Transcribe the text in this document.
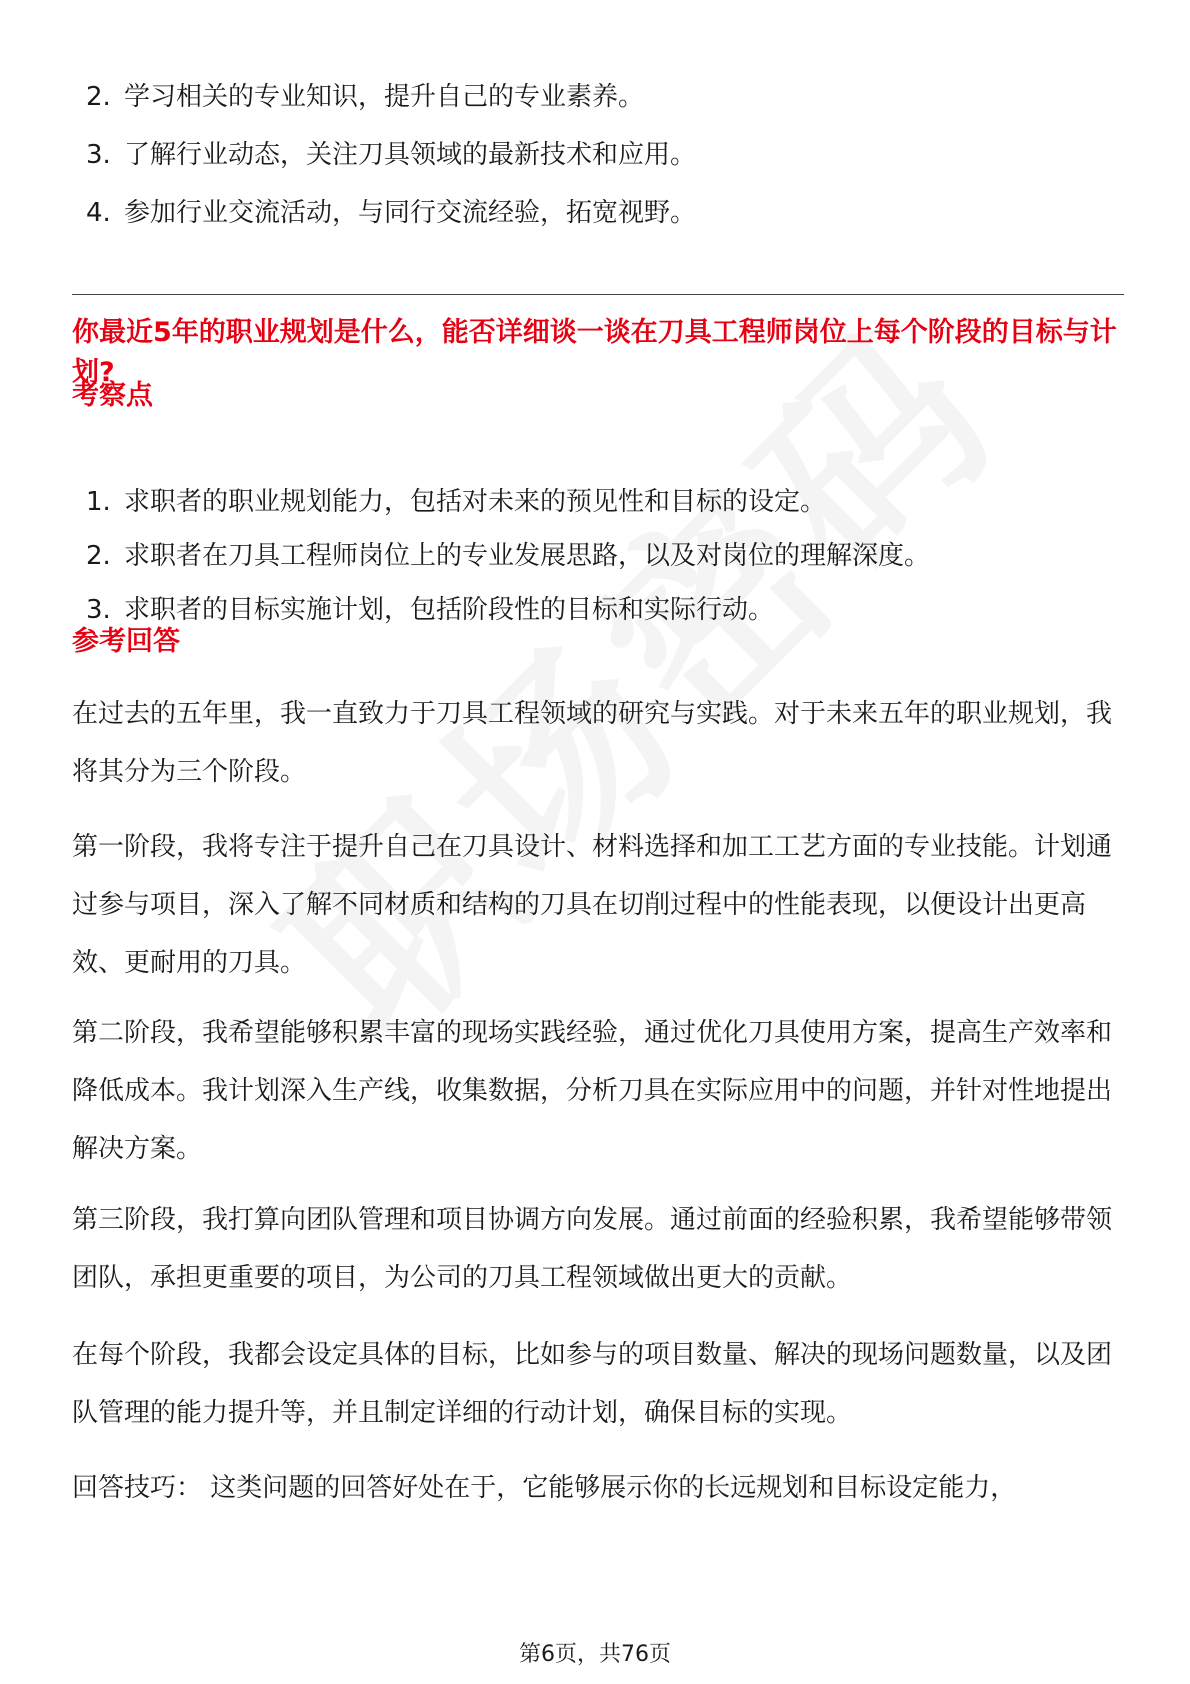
2. 学习相关的专业知识，提升自己的专业素养。
3. 了解行业动态，关注刀具领域的最新技术和应用。
4. 参加行业交流活动，与同行交流经验，拓宽视野。
你最近5年的职业规划是什么，能否详细谈一谈在刀具工程师岗位上每个阶段的目标与计划?
考察点
1. 求职者的职业规划能力，包括对未来的预见性和目标的设定。
2. 求职者在刀具工程师岗位上的专业发展思路，以及对岗位的理解深度。
3. 求职者的目标实施计划，包括阶段性的目标和实际行动。
参考回答

在过去的五年里，我一直致力于刀具工程领域的研究与实践。对于未来五年的职业规划，我将其分为三个阶段。

第一阶段，我将专注于提升自己在刀具设计、材料选择和加工工艺方面的专业技能。计划通过参与项目，深入了解不同材质和结构的刀具在切削过程中的性能表现，以便设计出更高效、更耐用的刀具。

第二阶段，我希望能够积累丰富的现场实践经验，通过优化刀具使用方案，提高生产效率和降低成本。我计划深入生产线，收集数据，分析刀具在实际应用中的问题，并针对性地提出解决方案。

第三阶段，我打算向团队管理和项目协调方向发展。通过前面的经验积累，我希望能够带领团队，承担更重要的项目，为公司的刀具工程领域做出更大的贡献。

在每个阶段，我都会设定具体的目标，比如参与的项目数量、解决的现场问题数量，以及团队管理的能力提升等，并且制定详细的行动计划，确保目标的实现。

回答技巧： 这类问题的回答好处在于，它能够展示你的长远规划和目标设定能力，

第6页，共76页
